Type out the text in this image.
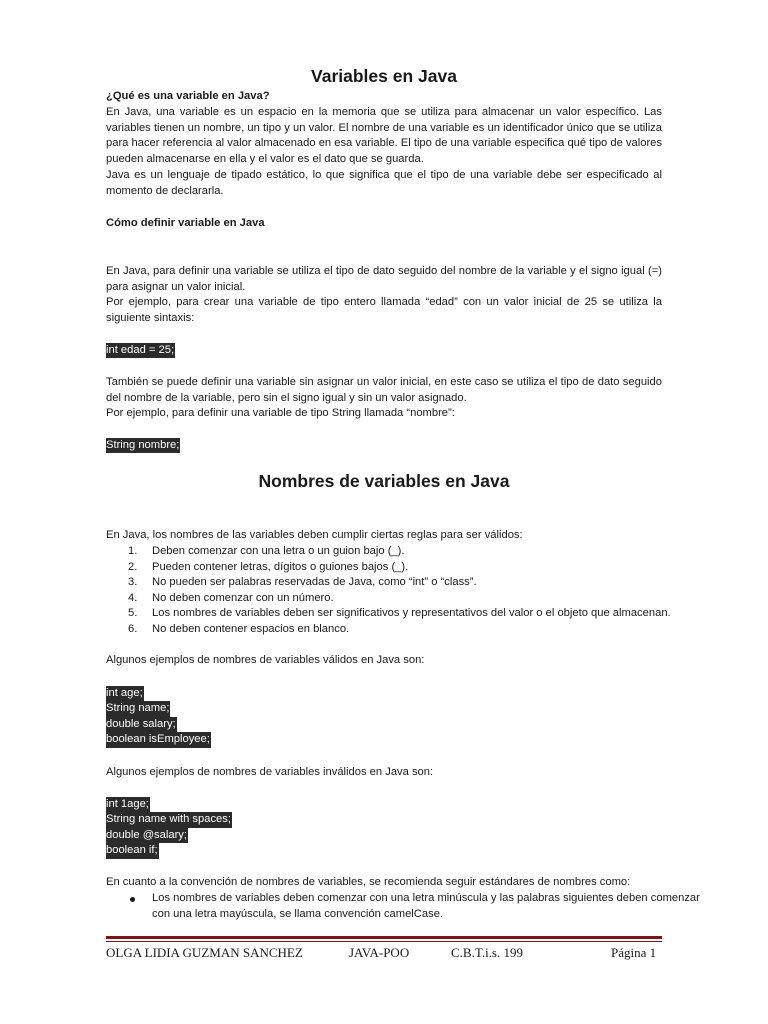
Variables en Java

¿Qué es una variable en Java?

En Java, una variable es un espacio en la memoria que se utiliza para almacenar un valor específico. Las variables tienen un nombre, un tipo y un valor. El nombre de una variable es un identificador único que se utiliza para hacer referencia al valor almacenado en esa variable. El tipo de una variable especifica qué tipo de valores pueden almacenarse en ella y el valor es el dato que se guarda.

Java es un lenguaje de tipado estático, lo que significa que el tipo de una variable debe ser especificado al momento de declararla.

Cómo definir variable en Java

En Java, para definir una variable se utiliza el tipo de dato seguido del nombre de la variable y el signo igual (=) para asignar un valor inicial.

Por ejemplo, para crear una variable de tipo entero llamada “edad” con un valor inicial de 25 se utiliza la siguiente sintaxis:

int edad = 25;

También se puede definir una variable sin asignar un valor inicial, en este caso se utiliza el tipo de dato seguido del nombre de la variable, pero sin el signo igual y sin un valor asignado.

Por ejemplo, para definir una variable de tipo String llamada “nombre”:

String nombre;
Nombres de variables en Java

En Java, los nombres de las variables deben cumplir ciertas reglas para ser válidos:

1. Deben comenzar con una letra o un guion bajo (_).
2. Pueden contener letras, dígitos o guiones bajos (_).
3. No pueden ser palabras reservadas de Java, como “int” o “class”.
4. No deben comenzar con un número.
5. Los nombres de variables deben ser significativos y representativos del valor o el objeto que almacenan.
6. No deben contener espacios en blanco.

Algunos ejemplos de nombres de variables válidos en Java son:

int age;
String name;
double salary;
boolean isEmployee;

Algunos ejemplos de nombres de variables inválidos en Java son:

int 1age;
String name with spaces;
double @salary;
boolean if;

En cuanto a la convención de nombres de variables, se recomienda seguir estándares de nombres como:

Los nombres de variables deben comenzar con una letra minúscula y las palabras siguientes deben comenzar con una letra mayúscula, se llama convención camelCase.
OLGA LIDIA GUZMAN SANCHEZ	JAVA-POO	C.B.T.i.s. 199	Página 1
